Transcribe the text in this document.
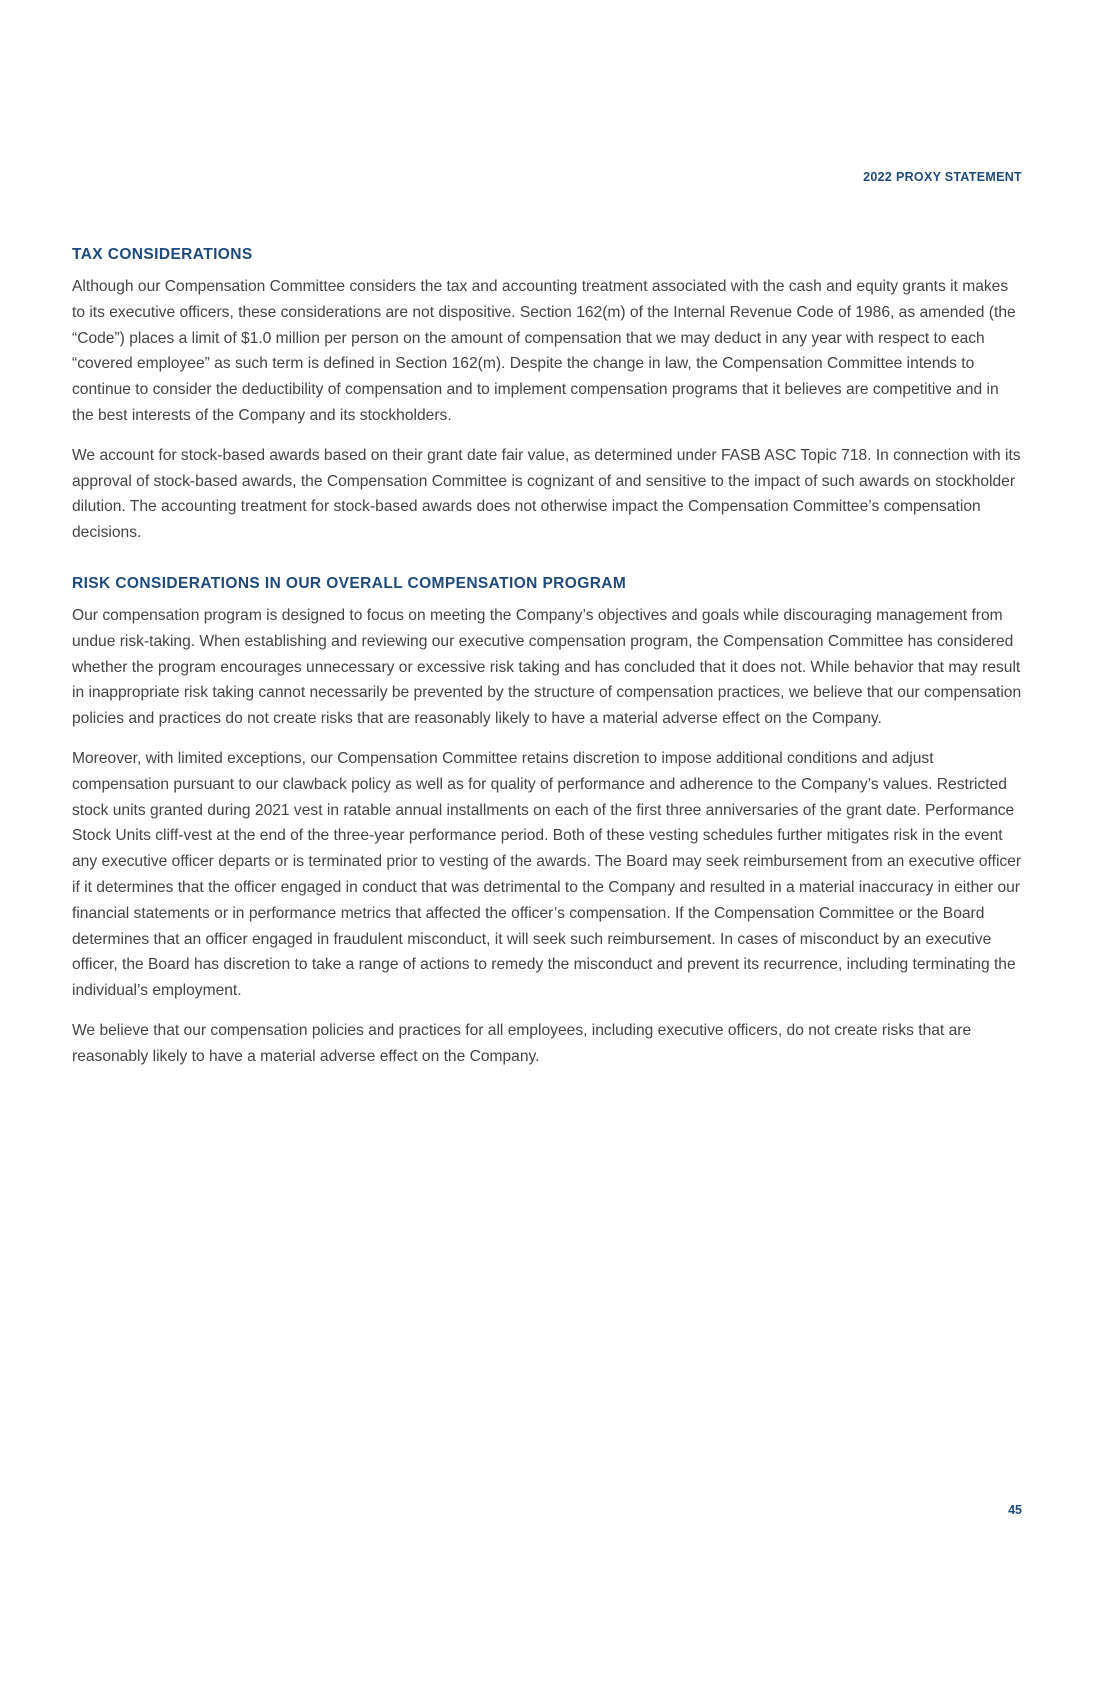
2022 PROXY STATEMENT
TAX CONSIDERATIONS

Although our Compensation Committee considers the tax and accounting treatment associated with the cash and equity grants it makes to its executive officers, these considerations are not dispositive. Section 162(m) of the Internal Revenue Code of 1986, as amended (the “Code”) places a limit of $1.0 million per person on the amount of compensation that we may deduct in any year with respect to each “covered employee” as such term is defined in Section 162(m). Despite the change in law, the Compensation Committee intends to continue to consider the deductibility of compensation and to implement compensation programs that it believes are competitive and in the best interests of the Company and its stockholders.

We account for stock-based awards based on their grant date fair value, as determined under FASB ASC Topic 718. In connection with its approval of stock-based awards, the Compensation Committee is cognizant of and sensitive to the impact of such awards on stockholder dilution. The accounting treatment for stock-based awards does not otherwise impact the Compensation Committee’s compensation decisions.

RISK CONSIDERATIONS IN OUR OVERALL COMPENSATION PROGRAM

Our compensation program is designed to focus on meeting the Company’s objectives and goals while discouraging management from undue risk-taking. When establishing and reviewing our executive compensation program, the Compensation Committee has considered whether the program encourages unnecessary or excessive risk taking and has concluded that it does not. While behavior that may result in inappropriate risk taking cannot necessarily be prevented by the structure of compensation practices, we believe that our compensation policies and practices do not create risks that are reasonably likely to have a material adverse effect on the Company.

Moreover, with limited exceptions, our Compensation Committee retains discretion to impose additional conditions and adjust compensation pursuant to our clawback policy as well as for quality of performance and adherence to the Company’s values. Restricted stock units granted during 2021 vest in ratable annual installments on each of the first three anniversaries of the grant date. Performance Stock Units cliff-vest at the end of the three-year performance period. Both of these vesting schedules further mitigates risk in the event any executive officer departs or is terminated prior to vesting of the awards. The Board may seek reimbursement from an executive officer if it determines that the officer engaged in conduct that was detrimental to the Company and resulted in a material inaccuracy in either our financial statements or in performance metrics that affected the officer’s compensation. If the Compensation Committee or the Board determines that an officer engaged in fraudulent misconduct, it will seek such reimbursement. In cases of misconduct by an executive officer, the Board has discretion to take a range of actions to remedy the misconduct and prevent its recurrence, including terminating the individual’s employment.

We believe that our compensation policies and practices for all employees, including executive officers, do not create risks that are reasonably likely to have a material adverse effect on the Company.

45
